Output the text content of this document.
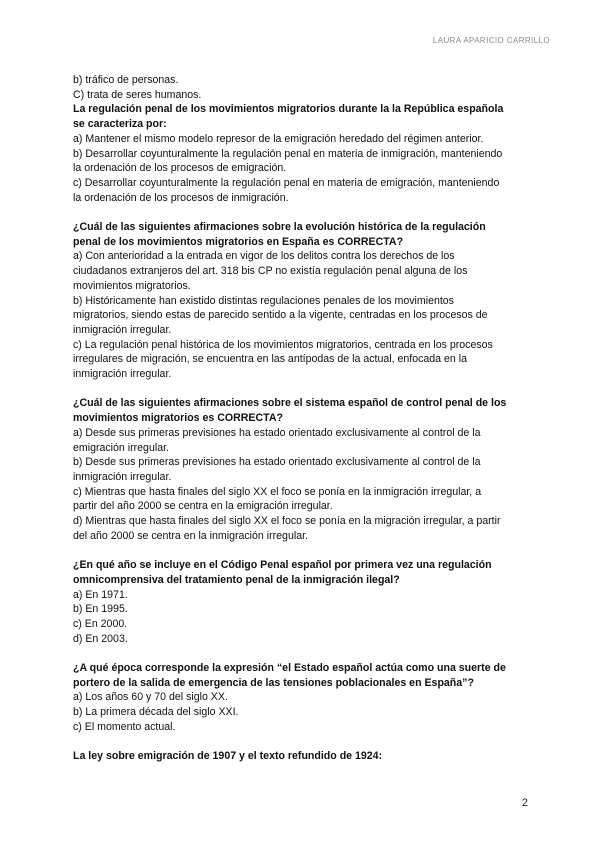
LAURA APARICIO CARRILLO
b) tráfico de personas.
C) trata de seres humanos.
La regulación penal de los movimientos migratorios durante la la República española
se caracteriza por:
a) Mantener el mismo modelo represor de la emigración heredado del régimen anterior.
b) Desarrollar coyunturalmente la regulación penal en materia de inmigración, manteniendo
la ordenación de los procesos de emigración.
c) Desarrollar coyunturalmente la regulación penal en materia de emigración, manteniendo
la ordenación de los procesos de inmigración.
¿Cuál de las siguientes afirmaciones sobre la evolución histórica de la regulación
penal de los movimientos migratorios en España es CORRECTA?
a) Con anterioridad a la entrada en vigor de los delitos contra los derechos de los
ciudadanos extranjeros del art. 318 bis CP no existía regulación penal alguna de los
movimientos migratorios.
b) Históricamente han existido distintas regulaciones penales de los movimientos
migratorios, siendo estas de parecido sentido a la vigente, centradas en los procesos de
inmigración irregular.
c) La regulación penal histórica de los movimientos migratorios, centrada en los procesos
irregulares de migración, se encuentra en las antípodas de la actual, enfocada en la
inmigración irregular.
¿Cuál de las siguientes afirmaciones sobre el sistema español de control penal de los
movimientos migratorios es CORRECTA?
a) Desde sus primeras previsiones ha estado orientado exclusivamente al control de la
emigración irregular.
b) Desde sus primeras previsiones ha estado orientado exclusivamente al control de la
inmigración irregular.
c) Mientras que hasta finales del siglo XX el foco se ponía en la inmigración irregular, a
partir del año 2000 se centra en la emigración irregular.
d) Mientras que hasta finales del siglo XX el foco se ponía en la migración irregular, a partir
del año 2000 se centra en la inmigración irregular.
¿En qué año se incluye en el Código Penal español por primera vez una regulación
omnicomprensiva del tratamiento penal de la inmigración ilegal?
a) En 1971.
b) En 1995.
c) En 2000.
d) En 2003.
¿A qué época corresponde la expresión “el Estado español actúa como una suerte de
portero de la salida de emergencia de las tensiones poblacionales en España”?
a) Los años 60 y 70 del siglo XX.
b) La primera década del siglo XXI.
c) El momento actual.
La ley sobre emigración de 1907 y el texto refundido de 1924:
2
